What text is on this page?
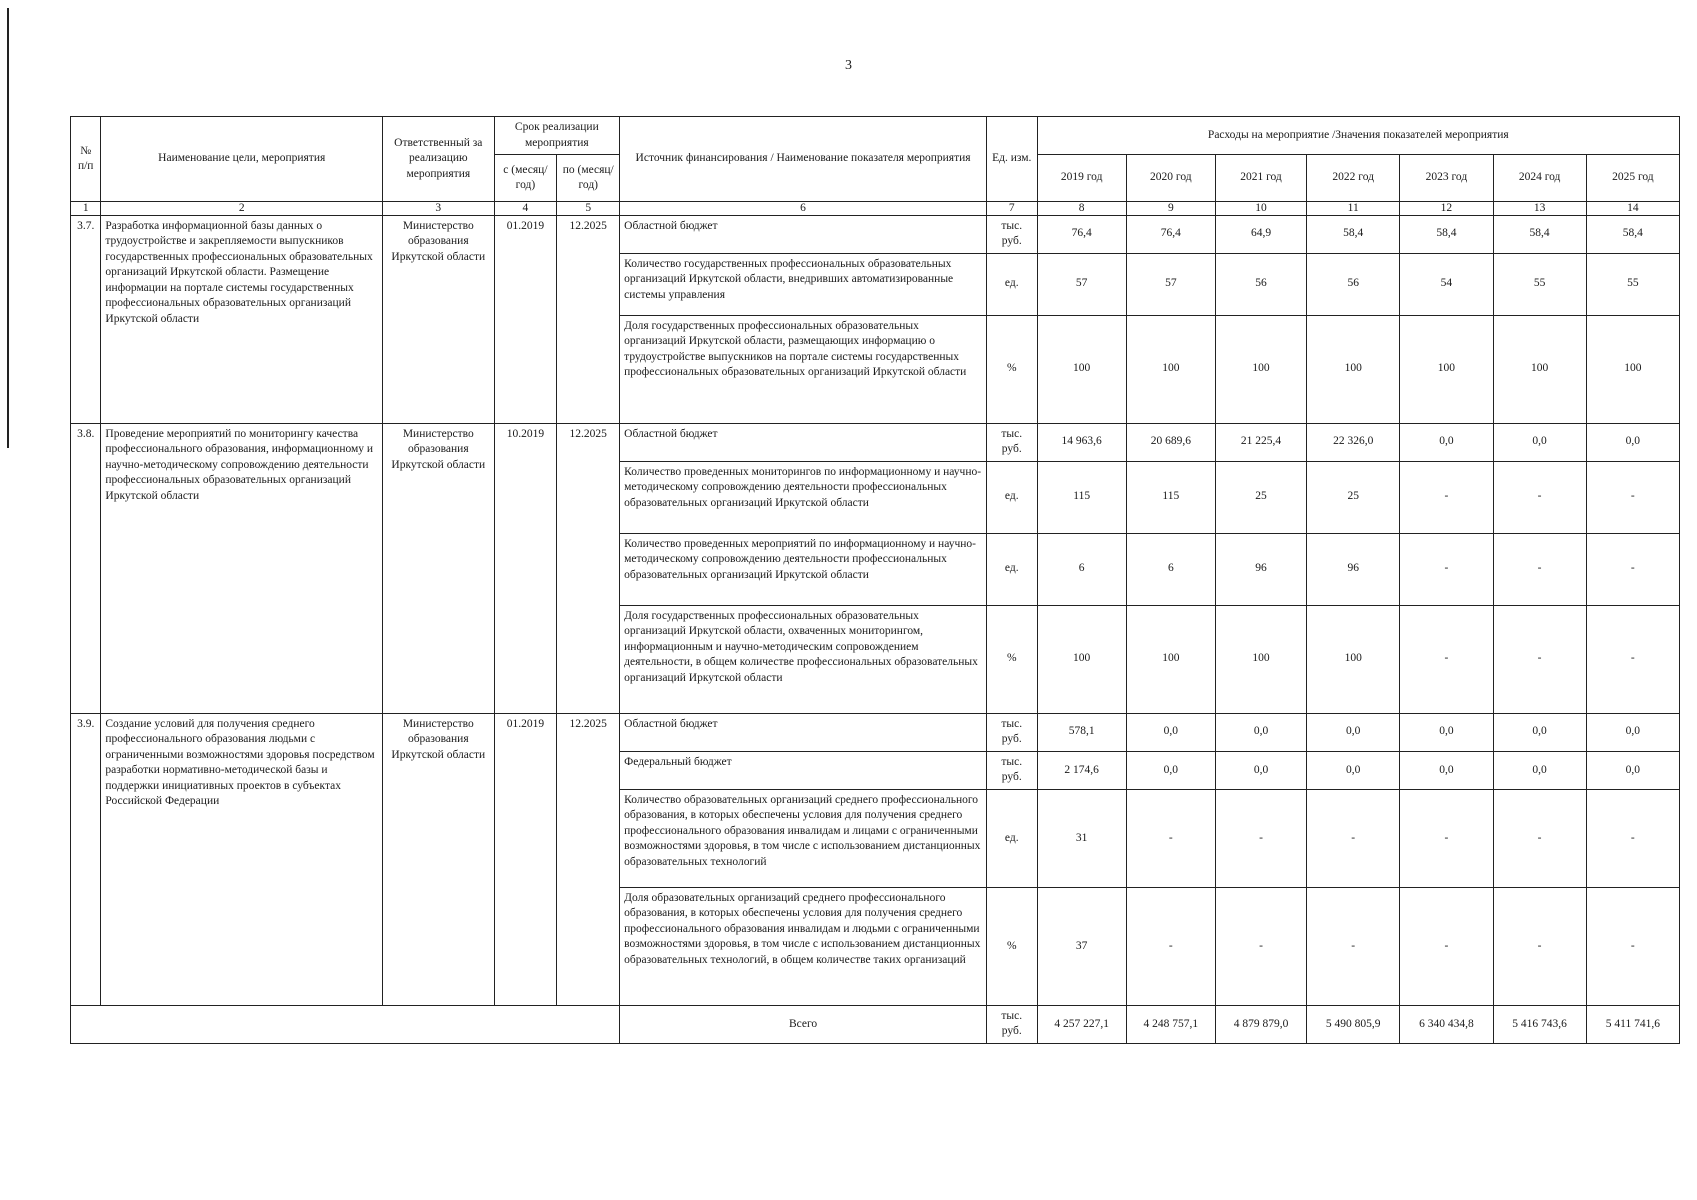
3
№ п/п	Наименование цели, мероприятия	Ответственный за реализацию мероприятия	Срок реализации мероприятия		Источник финансирования / Наименование показателя мероприятия	Ед. изм.	Расходы на мероприятие /Значения показателей мероприятия						
			с (месяц/ год)	по (месяц/ год)			2019 год	2020 год	2021 год	2022 год	2023 год	2024 год	2025 год
1	2	3	4	5	6	7	8	9	10	11	12	13	14
3.7.	Разработка информационной базы данных о трудоустройстве и закрепляемости выпускников государственных профессиональных образовательных организаций Иркутской области. Размещение информации на портале системы государственных профессиональных образовательных организаций Иркутской области	Министерство образования Иркутской области	01.2019	12.2025	Областной бюджет	тыс. руб.	76,4	76,4	64,9	58,4	58,4	58,4	58,4
					Количество государственных профессиональных образовательных организаций Иркутской области, внедривших автоматизированные системы управления	ед.	57	57	56	56	54	55	55
					Доля государственных профессиональных образовательных организаций Иркутской области, размещающих информацию о трудоустройстве выпускников на портале системы государственных профессиональных образовательных организаций Иркутской области	%	100	100	100	100	100	100	100
3.8.	Проведение мероприятий по мониторингу качества профессионального образования, информационному и научно-методическому сопровождению деятельности профессиональных образовательных организаций Иркутской области	Министерство образования Иркутской области	10.2019	12.2025	Областной бюджет	тыс. руб.	14 963,6	20 689,6	21 225,4	22 326,0	0,0	0,0	0,0
					Количество проведенных мониторингов по информационному и научно-методическому сопровождению деятельности профессиональных образовательных организаций Иркутской области	ед.	115	115	25	25	-	-	-
					Количество проведенных мероприятий по информационному и научно-методическому сопровождению деятельности профессиональных образовательных организаций Иркутской области	ед.	6	6	96	96	-	-	-
					Доля государственных профессиональных образовательных организаций Иркутской области, охваченных мониторингом, информационным и научно-методическим сопровождением деятельности, в общем количестве профессиональных образовательных организаций Иркутской области	%	100	100	100	100	-	-	-
3.9.	Создание условий для получения среднего профессионального образования людьми с ограниченными возможностями здоровья посредством разработки нормативно-методической базы и поддержки инициативных проектов в субъектах Российской Федерации	Министерство образования Иркутской области	01.2019	12.2025	Областной бюджет	тыс. руб.	578,1	0,0	0,0	0,0	0,0	0,0	0,0
					Федеральный бюджет	тыс. руб.	2 174,6	0,0	0,0	0,0	0,0	0,0	0,0
					Количество образовательных организаций среднего профессионального образования, в которых обеспечены условия для получения среднего профессионального образования инвалидам и лицами с ограниченными возможностями здоровья, в том числе с использованием дистанционных образовательных технологий	ед.	31	-	-	-	-	-	-
					Доля образовательных организаций среднего профессионального образования, в которых обеспечены условия для получения среднего профессионального образования инвалидам и людьми с ограниченными возможностями здоровья, в том числе с использованием дистанционных образовательных технологий, в общем количестве таких организаций	%	37	-	-	-	-	-	-
					Всего	тыс. руб.	4 257 227,1	4 248 757,1	4 879 879,0	5 490 805,9	6 340 434,8	5 416 743,6	5 411 741,6
